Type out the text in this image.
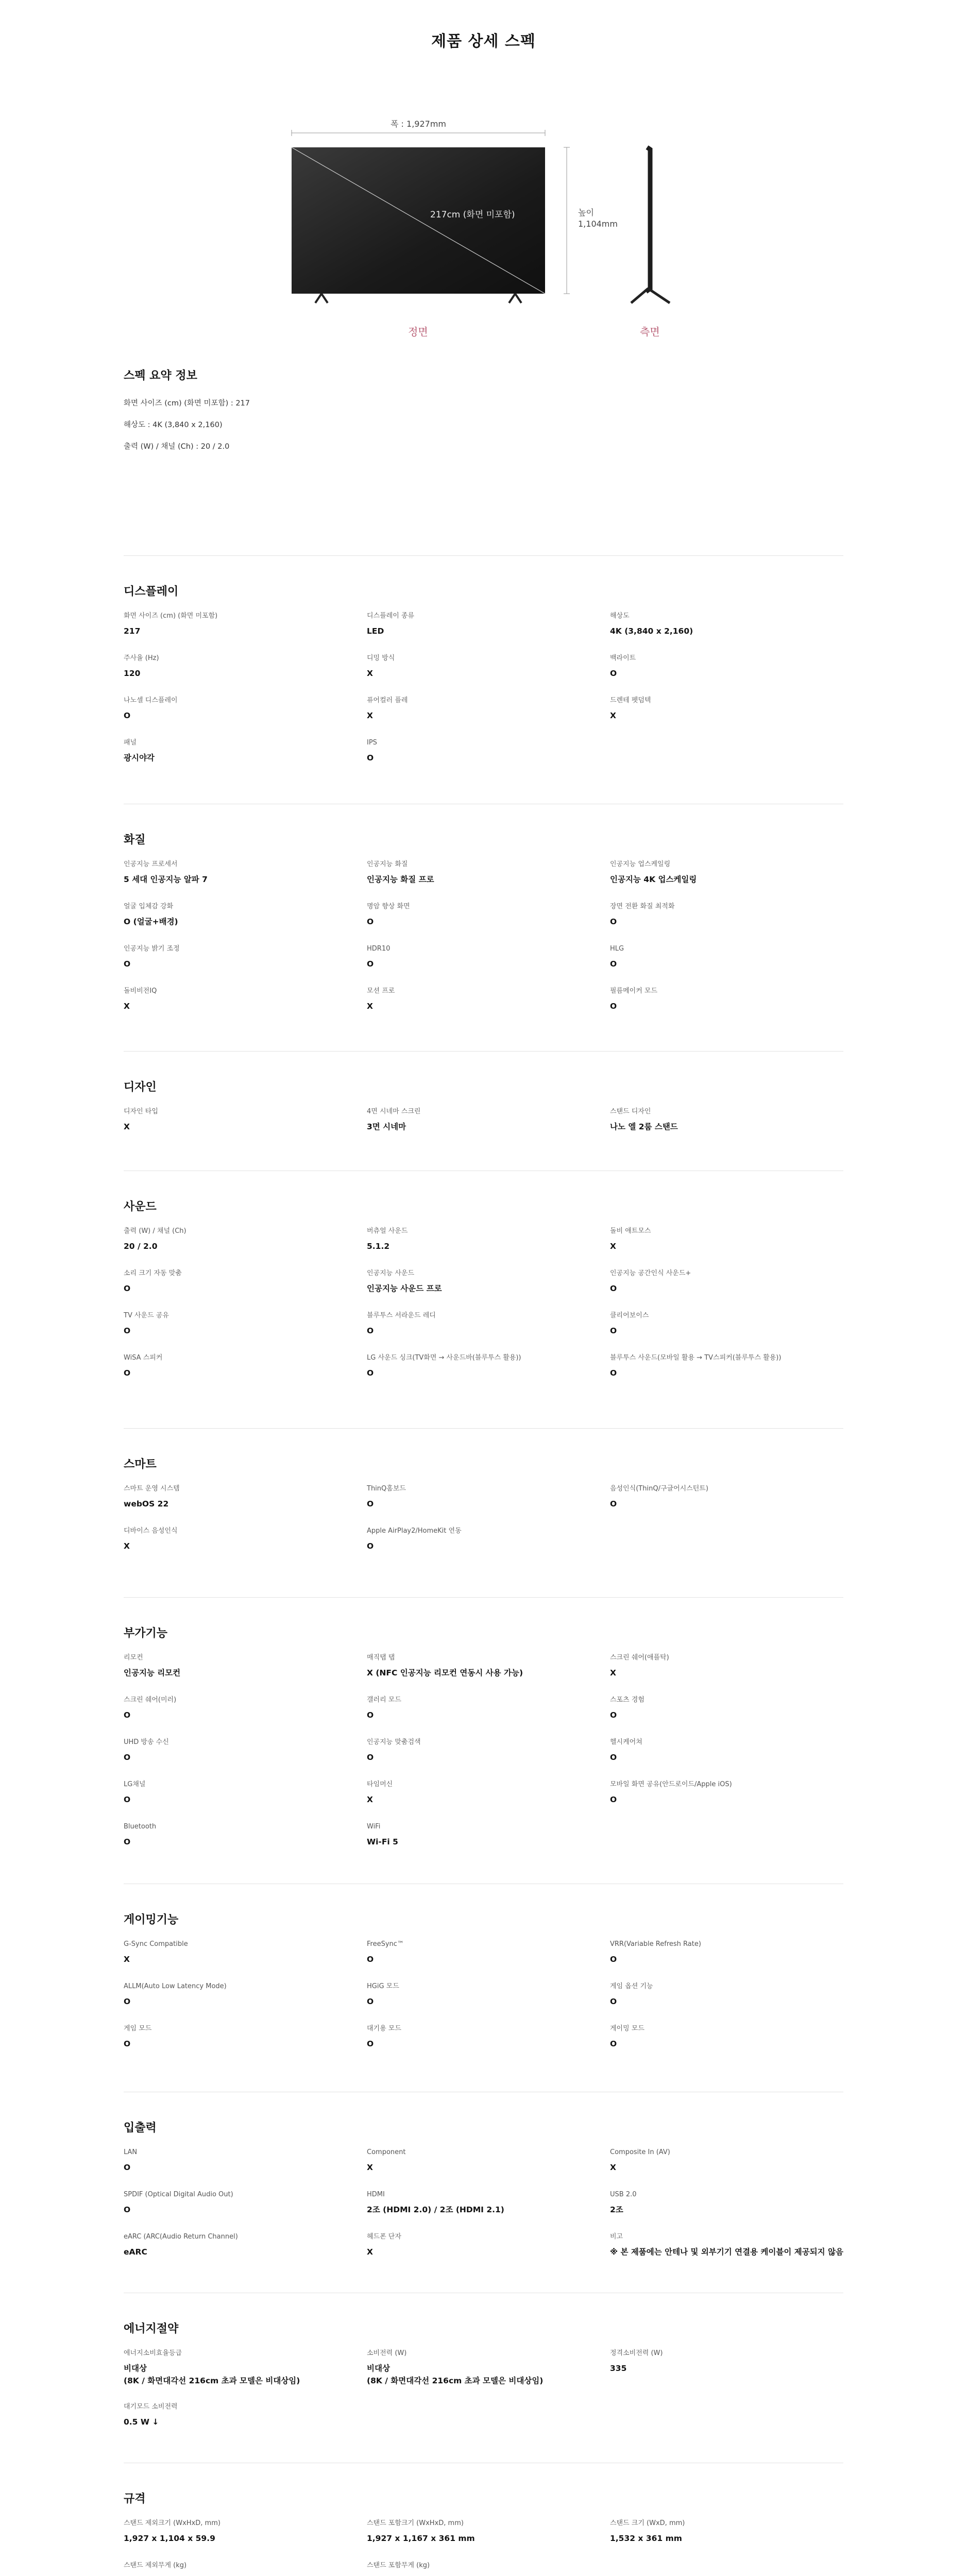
제품 상세 스펙
폭 : 1,927mm
높이
1,104mm
217cm (화면 미포함)
정면	측면
스펙 요약 정보
화면 사이즈 (cm) (화면 미포함) : 217
해상도 : 4K (3,840 x 2,160)
출력 (W) / 채널 (Ch) : 20 / 2.0
디스플레이
화면 사이즈 (cm) (화면 미포함)
217
디스플레이 종류
LED
해상도
4K (3,840 x 2,160)
주사율 (Hz)
120
디밍 방식
X
백라이트
O
나노셀 디스플레이
O
퓨어컬러 플레
X
드렌테 펫덤텍
X
패널
광시야각
IPS
O
화질
인공지능 프로세서
5 세대 인공지능 알파 7
인공지능 화질
인공지능 화질 프로
인공지능 업스케일링
인공지능 4K 업스케일링
얼굴 입체감 강화
O (얼굴+배경)
명암 향상 화면
O
장면 전환 화질 최적화
O
인공지능 밝기 조정
O
HDR10
O
HLG
O
돌비비전IQ
X
모션 프로
X
필름메이커 모드
O
디자인
디자인 타입
X
4면 시네마 스크린
3면 시네마
스탠드 디자인
나노 엘 2룸 스탠드
사운드
출력 (W) / 채널 (Ch)
20 / 2.0
버츄얼 사운드
5.1.2
돌비 애트모스
X
소리 크기 자동 맞춤
O
인공지능 사운드
인공지능 사운드 프로
인공지능 공간인식 사운드+
O
TV 사운드 공유
O
블루투스 서라운드 레디
O
클리어보이스
O
WiSA 스피커
O
LG 사운드 싱크(TV화면 → 사운드바(블루투스 활용))
O
블루투스 사운드(모바일 활용 → TV스피커(블루투스 활용))
O
스마트
스마트 운영 시스템
webOS 22
ThinQ홈보드
O
음성인식(ThinQ/구글어시스턴트)
O
디바이스 음성인식
X
Apple AirPlay2/HomeKit 연동
O
부가기능
리모컨
인공지능 리모컨
매직탭 탭
X (NFC 인공지능 리모컨 연동시 사용 가능)
스크린 쉐어(애플탁)
X
스크린 쉐어(미러)
O
갤러리 모드
O
스포츠 경험
O
UHD 방송 수신
O
인공지능 맞춤검색
O
헬시케어쳐
O
LG채널
O
타임머신
X
모바일 화면 공유(안드로이드/Apple iOS)
O
Bluetooth
O
WiFi
Wi-Fi 5
게이밍기능
G-Sync Compatible
X
FreeSync™
O
VRR(Variable Refresh Rate)
O
ALLM(Auto Low Latency Mode)
O
HGiG 모드
O
게임 옵션 기능
O
게임 모드
O
대기용 모드
O
게이밍 모드
O
입출력
LAN
O
Component
X
Composite In (AV)
X
SPDIF (Optical Digital Audio Out)
O
HDMI
2조 (HDMI 2.0) / 2조 (HDMI 2.1)
USB 2.0
2조
eARC (ARC(Audio Return Channel)
eARC
헤드폰 단자
X
비고
※ 본 제품에는 안테나 및 외부기기 연결용 케이블이 제공되지 않음
에너지절약
에너지소비효율등급
비대상
(8K / 화면대각선 216cm 초과 모델은 비대상임)
소비전력 (W)
비대상
(8K / 화면대각선 216cm 초과 모델은 비대상임)
정격소비전력 (W)
335
대기모드 소비전력
0.5 W ↓
규격
스탠드 제외크기 (WxHxD, mm)
1,927 x 1,104 x 59.9
스탠드 포함크기 (WxHxD, mm)
1,927 x 1,167 x 361 mm
스탠드 크기 (WxD, mm)
1,532 x 361 mm
스탠드 제외무게 (kg)	스탠드 포함무게 (kg)
